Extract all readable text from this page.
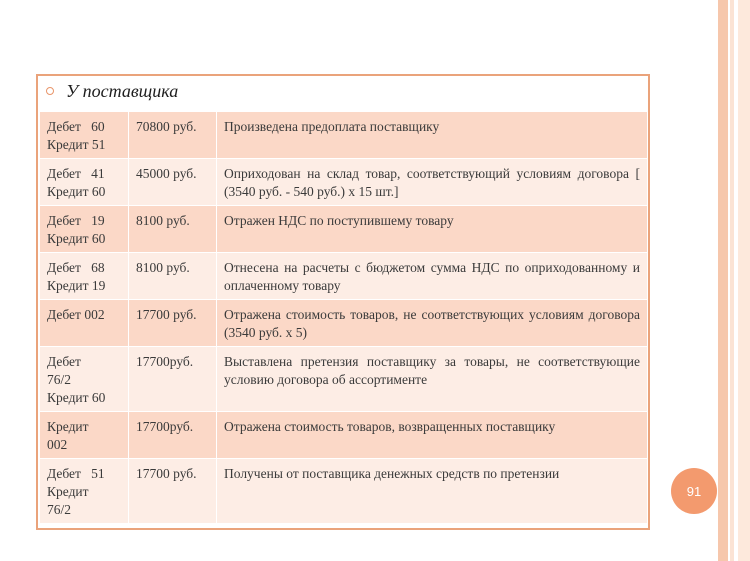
У поставщика
Дебет   60
Кредит 51	70800 руб.	Произведена предоплата поставщику
Дебет   41
Кредит 60	45000 руб.	Оприходован на склад товар, соответствующий условиям договора [ (3540 руб. - 540 руб.) х 15 шт.]
Дебет   19
Кредит 60	8100 руб.	Отражен НДС по поступившему товару
Дебет   68
Кредит 19	8100 руб.	Отнесена на расчеты с бюджетом сумма НДС по оприходованному и оплаченному товару
Дебет 002	17700 руб.	Отражена стоимость товаров, не соответствующих условиям договора (3540 руб. х 5)
Дебет
76/2
Кредит 60	17700руб.	Выставлена претензия поставщику за товары, не соответствующие условию договора об ассортименте
Кредит
002	17700руб.	Отражена стоимость товаров, возвращенных поставщику
Дебет   51
Кредит
76/2	17700 руб.	Получены от поставщика денежных средств по претензии
91
